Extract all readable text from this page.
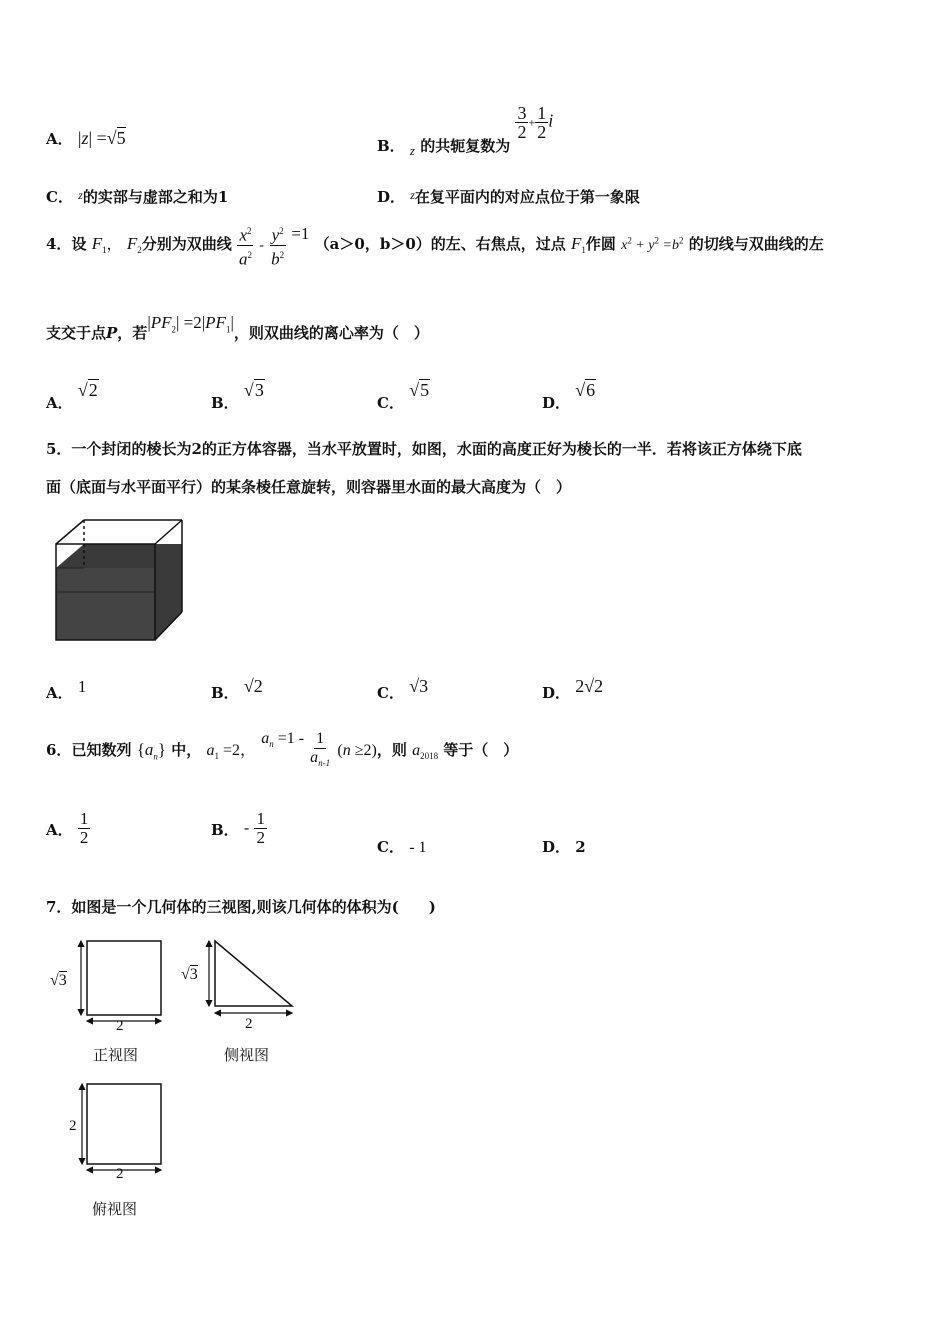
A． |z| =√5	B． z 的共轭复数为
$\frac{3}{2} + \frac{1}{2}$ i
C． $^z$的实部与虚部之和为1	D． $^z$在复平面内的对应点位于第一象限
4．设 $F_1$， $F_2$分别为双曲线 $\frac{x^2}{a^2} - \frac{y^2}{b^2} =1$ （a＞0，b＞0）的左、右焦点，过点 $F_1$作圆 $x^2 + y^2 =b^2$ 的切线与双曲线的左
支交于点P，若$|PF_2| =2|PF_1|$，则双曲线的离心率为（　）
A． √2
B． √3
C． √5
D． √6
5．一个封闭的棱长为2的正方体容器，当水平放置时，如图，水面的高度正好为棱长的一半．若将该正方体绕下底
面（底面与水平面平行）的某条棱任意旋转，则容器里水面的最大高度为（　）
A． 1	B． √2	C． √3	D． 2√2
6．已知数列 $\{a_n\}$ 中， $a_1 =2$， $a_n =1 - \frac{1}{a_{n-1}} (n \ge 2)$，则 $a_{2018}$ 等于（　）
A． $\frac{1}{2}$	B． - $\frac{1}{2}$	C． - 1	D． 2
7．如图是一个几何体的三视图,则该几何体的体积为(　　)
√3
2
正视图
√3
2
侧视图
2
2
俯视图
